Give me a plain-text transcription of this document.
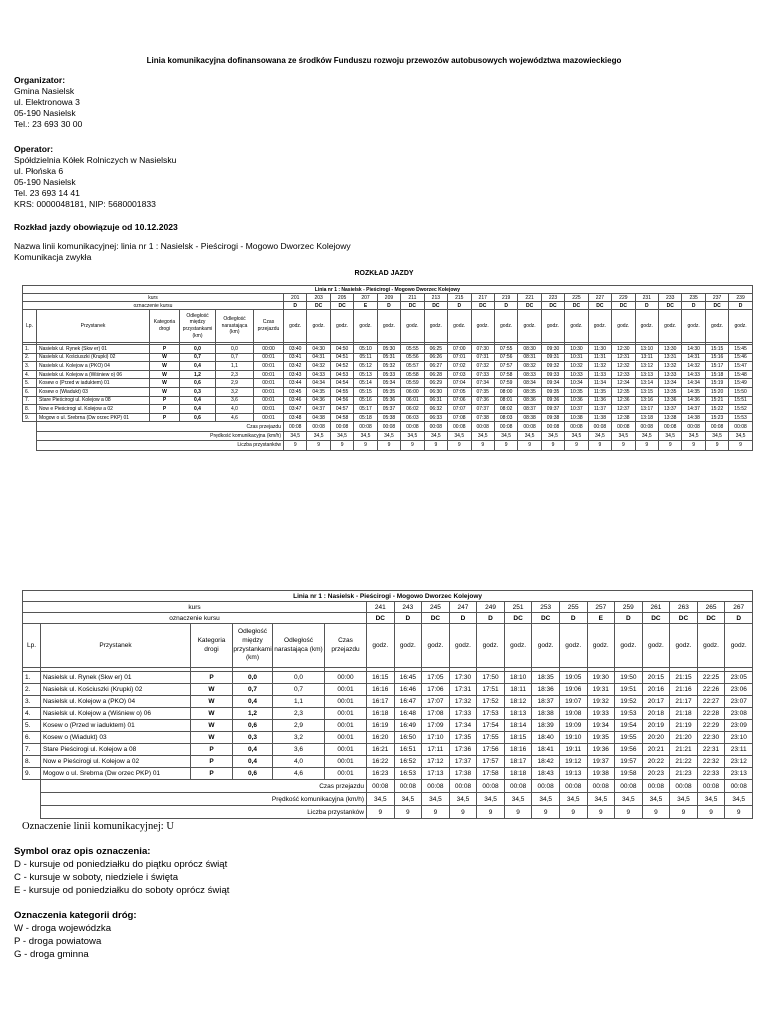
Linia komunikacyjna dofinansowana ze środków Funduszu rozwoju przewozów autobusowych województwa mazowieckiego
Organizator:
Gmina Nasielsk
ul. Elektronowa 3
05-190 Nasielsk
Tel.: 23 693 30 00
Operator:
Spółdzielnia Kółek Rolniczych w Nasielsku
ul. Płońska 6
05-190 Nasielsk
Tel. 23 693 14 41
KRS: 0000048181, NIP: 5680001833
Rozkład jazdy obowiązuje od 10.12.2023
Nazwa linii komunikacyjnej: linia nr 1 : Nasielsk - Pieścirogi - Mogowo Dworzec Kolejowy
Komunikacja zwykła
ROZKŁAD JAZDY
Linia nr 1 : Nasielsk - Pieścirogi - Mogowo Dworzec Kolejowy																									
kurs						201	203	205	207	209	211	213	215	217	219	221	223	225	227	229	231	233	235	237	239
oznaczenie kursu						D	DC	DC	E	D	DC	DC	D	DC	D	DC	DC	DC	DC	DC	D	DC	D	DC	D
Lp.	Przystanek	Kategoria drogi	Odległość między przystankami (km)	Odległość narastająca (km)	Czas przejazdu	godz.	godz.	godz.	godz.	godz.	godz.	godz.	godz.	godz.	godz.	godz.	godz.	godz.	godz.	godz.	godz.	godz.	godz.	godz.	godz.

1.	Nasielsk ul. Rynek (Skw er) 01	P	0,0	0,0	00:00	03:40	04:30	04:50	05:10	05:30	05:55	06:25	07:00	07:30	07:55	08:30	09:30	10:30	11:30	12:30	13:10	13:30	14:30	15:15	15:45
2.	Nasielsk ul. Kościuszki (Krupki) 02	W	0,7	0,7	00:01	03:41	04:31	04:51	05:11	05:31	05:56	06:26	07:01	07:31	07:56	08:31	09:31	10:31	11:31	12:31	13:11	13:31	14:31	15:16	15:46
3.	Nasielsk ul. Kolejow a (PKO) 04	W	0,4	1,1	00:01	03:42	04:32	04:52	05:12	05:32	05:57	06:27	07:02	07:32	07:57	08:32	09:32	10:32	11:32	12:32	13:12	13:32	14:32	15:17	15:47
4.	Nasielsk ul. Kolejow a (Wiśniew o) 06	W	1,2	2,3	00:01	03:43	04:33	04:53	05:13	05:33	05:58	06:28	07:03	07:33	07:58	08:33	09:33	10:33	11:33	12:33	13:13	13:33	14:33	15:18	15:48
5.	Kosew o (Przed w iaduktem) 01	W	0,6	2,9	00:01	03:44	04:34	04:54	05:14	05:34	05:59	06:29	07:04	07:34	07:59	08:34	09:34	10:34	11:34	12:34	13:14	13:34	14:34	15:19	15:49
6.	Kosew o (Wiadukt) 03	W	0,3	3,2	00:01	03:45	04:35	04:55	05:15	05:35	06:00	06:30	07:05	07:35	08:00	08:35	09:35	10:35	11:35	12:35	13:15	13:35	14:35	15:20	15:50
7.	Stare Pieścirogi ul. Kolejow a 08	P	0,4	3,6	00:01	03:46	04:36	04:56	05:16	05:36	06:01	06:31	07:06	07:36	08:01	08:36	09:36	10:36	11:36	12:36	13:16	13:36	14:36	15:21	15:51
8.	Now e Pieścirogi ul. Kolejow a 02	P	0,4	4,0	00:01	03:47	04:37	04:57	05:17	05:37	06:02	06:32	07:07	07:37	08:02	08:37	09:37	10:37	11:37	12:37	13:17	13:37	14:37	15:22	15:52
9.	Mogow o ul. Srebrna (Dw orzec PKP) 01	P	0,6	4,6	00:01	03:48	04:38	04:58	05:18	05:38	06:03	06:33	07:08	07:38	08:03	08:38	09:38	10:38	11:38	12:38	13:18	13:38	14:38	15:23	15:53
	Czas przejazdu					00:08	00:08	00:08	00:08	00:08	00:08	00:08	00:08	00:08	00:08	00:08	00:08	00:08	00:08	00:08	00:08	00:08	00:08	00:08	00:08
	Prędkość komunikacyjna (km/h)					34,5	34,5	34,5	34,5	34,5	34,5	34,5	34,5	34,5	34,5	34,5	34,5	34,5	34,5	34,5	34,5	34,5	34,5	34,5	34,5
	Liczba przystanków					9	9	9	9	9	9	9	9	9	9	9	9	9	9	9	9	9	9	9	9
Linia nr 1 : Nasielsk - Pieścirogi - Mogowo Dworzec Kolejowy																			
kurs						241	243	245	247	249	251	253	255	257	259	261	263	265	267
oznaczenie kursu						DC	D	DC	D	D	DC	DC	D	E	D	DC	DC	DC	D
Lp.	Przystanek	Kategoria drogi	Odległość między przystankami (km)	Odległość narastająca (km)	Czas przejazdu	godz.	godz.	godz.	godz.	godz.	godz.	godz.	godz.	godz.	godz.	godz.	godz.	godz.	godz.

1.	Nasielsk ul. Rynek (Skw er) 01	P	0,0	0,0	00:00	16:15	16:45	17:05	17:30	17:50	18:10	18:35	19:05	19:30	19:50	20:15	21:15	22:25	23:05
2.	Nasielsk ul. Kościuszki (Krupki) 02	W	0,7	0,7	00:01	16:16	16:46	17:06	17:31	17:51	18:11	18:36	19:06	19:31	19:51	20:16	21:16	22:26	23:06
3.	Nasielsk ul. Kolejow a (PKO) 04	W	0,4	1,1	00:01	16:17	16:47	17:07	17:32	17:52	18:12	18:37	19:07	19:32	19:52	20:17	21:17	22:27	23:07
4.	Nasielsk ul. Kolejow a (Wiśniew o) 06	W	1,2	2,3	00:01	16:18	16:48	17:08	17:33	17:53	18:13	18:38	19:08	19:33	19:53	20:18	21:18	22:28	23:08
5.	Kosew o (Przed w iaduktem) 01	W	0,6	2,9	00:01	16:19	16:49	17:09	17:34	17:54	18:14	18:39	19:09	19:34	19:54	20:19	21:19	22:29	23:09
6.	Kosew o (Wiadukt) 03	W	0,3	3,2	00:01	16:20	16:50	17:10	17:35	17:55	18:15	18:40	19:10	19:35	19:55	20:20	21:20	22:30	23:10
7.	Stare Pieścirogi ul. Kolejow a 08	P	0,4	3,6	00:01	16:21	16:51	17:11	17:36	17:56	18:16	18:41	19:11	19:36	19:56	20:21	21:21	22:31	23:11
8.	Now e Pieścirogi ul. Kolejow a 02	P	0,4	4,0	00:01	16:22	16:52	17:12	17:37	17:57	18:17	18:42	19:12	19:37	19:57	20:22	21:22	22:32	23:12
9.	Mogow o ul. Srebrna (Dw orzec PKP) 01	P	0,6	4,6	00:01	16:23	16:53	17:13	17:38	17:58	18:18	18:43	19:13	19:38	19:58	20:23	21:23	22:33	23:13
	Czas przejazdu					00:08	00:08	00:08	00:08	00:08	00:08	00:08	00:08	00:08	00:08	00:08	00:08	00:08	00:08
	Prędkość komunikacyjna (km/h)					34,5	34,5	34,5	34,5	34,5	34,5	34,5	34,5	34,5	34,5	34,5	34,5	34,5	34,5
	Liczba przystanków					9	9	9	9	9	9	9	9	9	9	9	9	9	9
Oznaczenie linii komunikacyjnej: U
Symbol oraz opis oznaczenia:
D - kursuje od poniedziałku do piątku oprócz świąt
C - kursuje w soboty, niedziele i święta
E - kursuje od poniedziałku do soboty oprócz świąt
Oznaczenia kategorii dróg:
W - droga wojewódzka
P - droga powiatowa
G - droga gminna
